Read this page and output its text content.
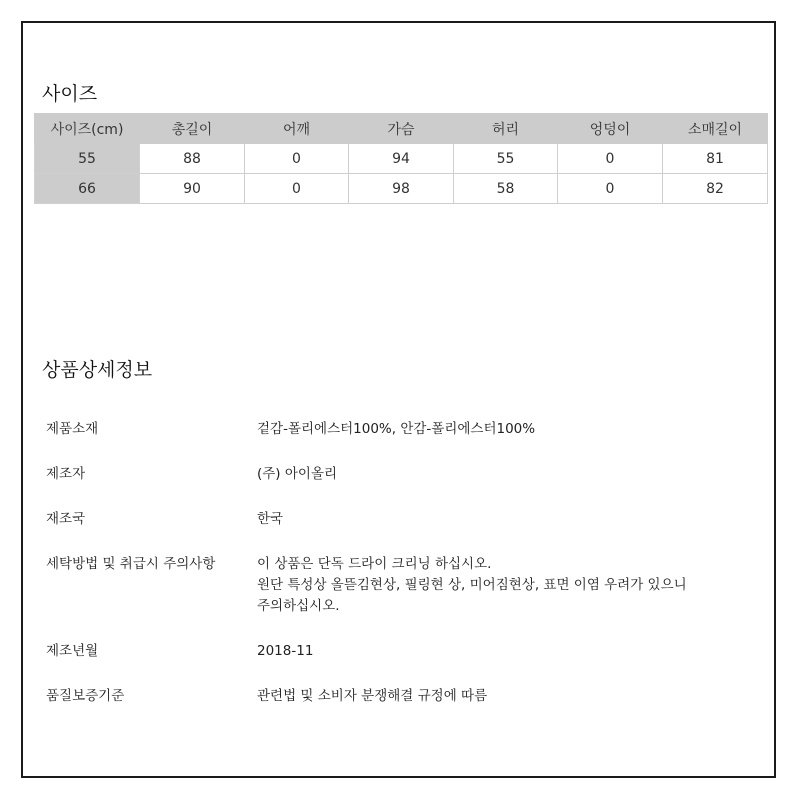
사이즈
사이즈(cm)	총길이	어깨	가슴	허리	엉덩이	소매길이
55	88	0	94	55	0	81
66	90	0	98	58	0	82
상품상세정보
제품소재	겉감-폴리에스터100%, 안감-폴리에스터100%
제조자	(주) 아이올리
재조국	한국
세탁방법 및 취급시 주의사항	이 상품은 단독 드라이 크리닝 하십시오.
원단 특성상 올뜯김현상, 필링현 상, 미어짐현상, 표면 이염 우려가 있으니
주의하십시오.
제조년월	2018-11
품질보증기준	관련법 및 소비자 분쟁해결 규정에 따름
